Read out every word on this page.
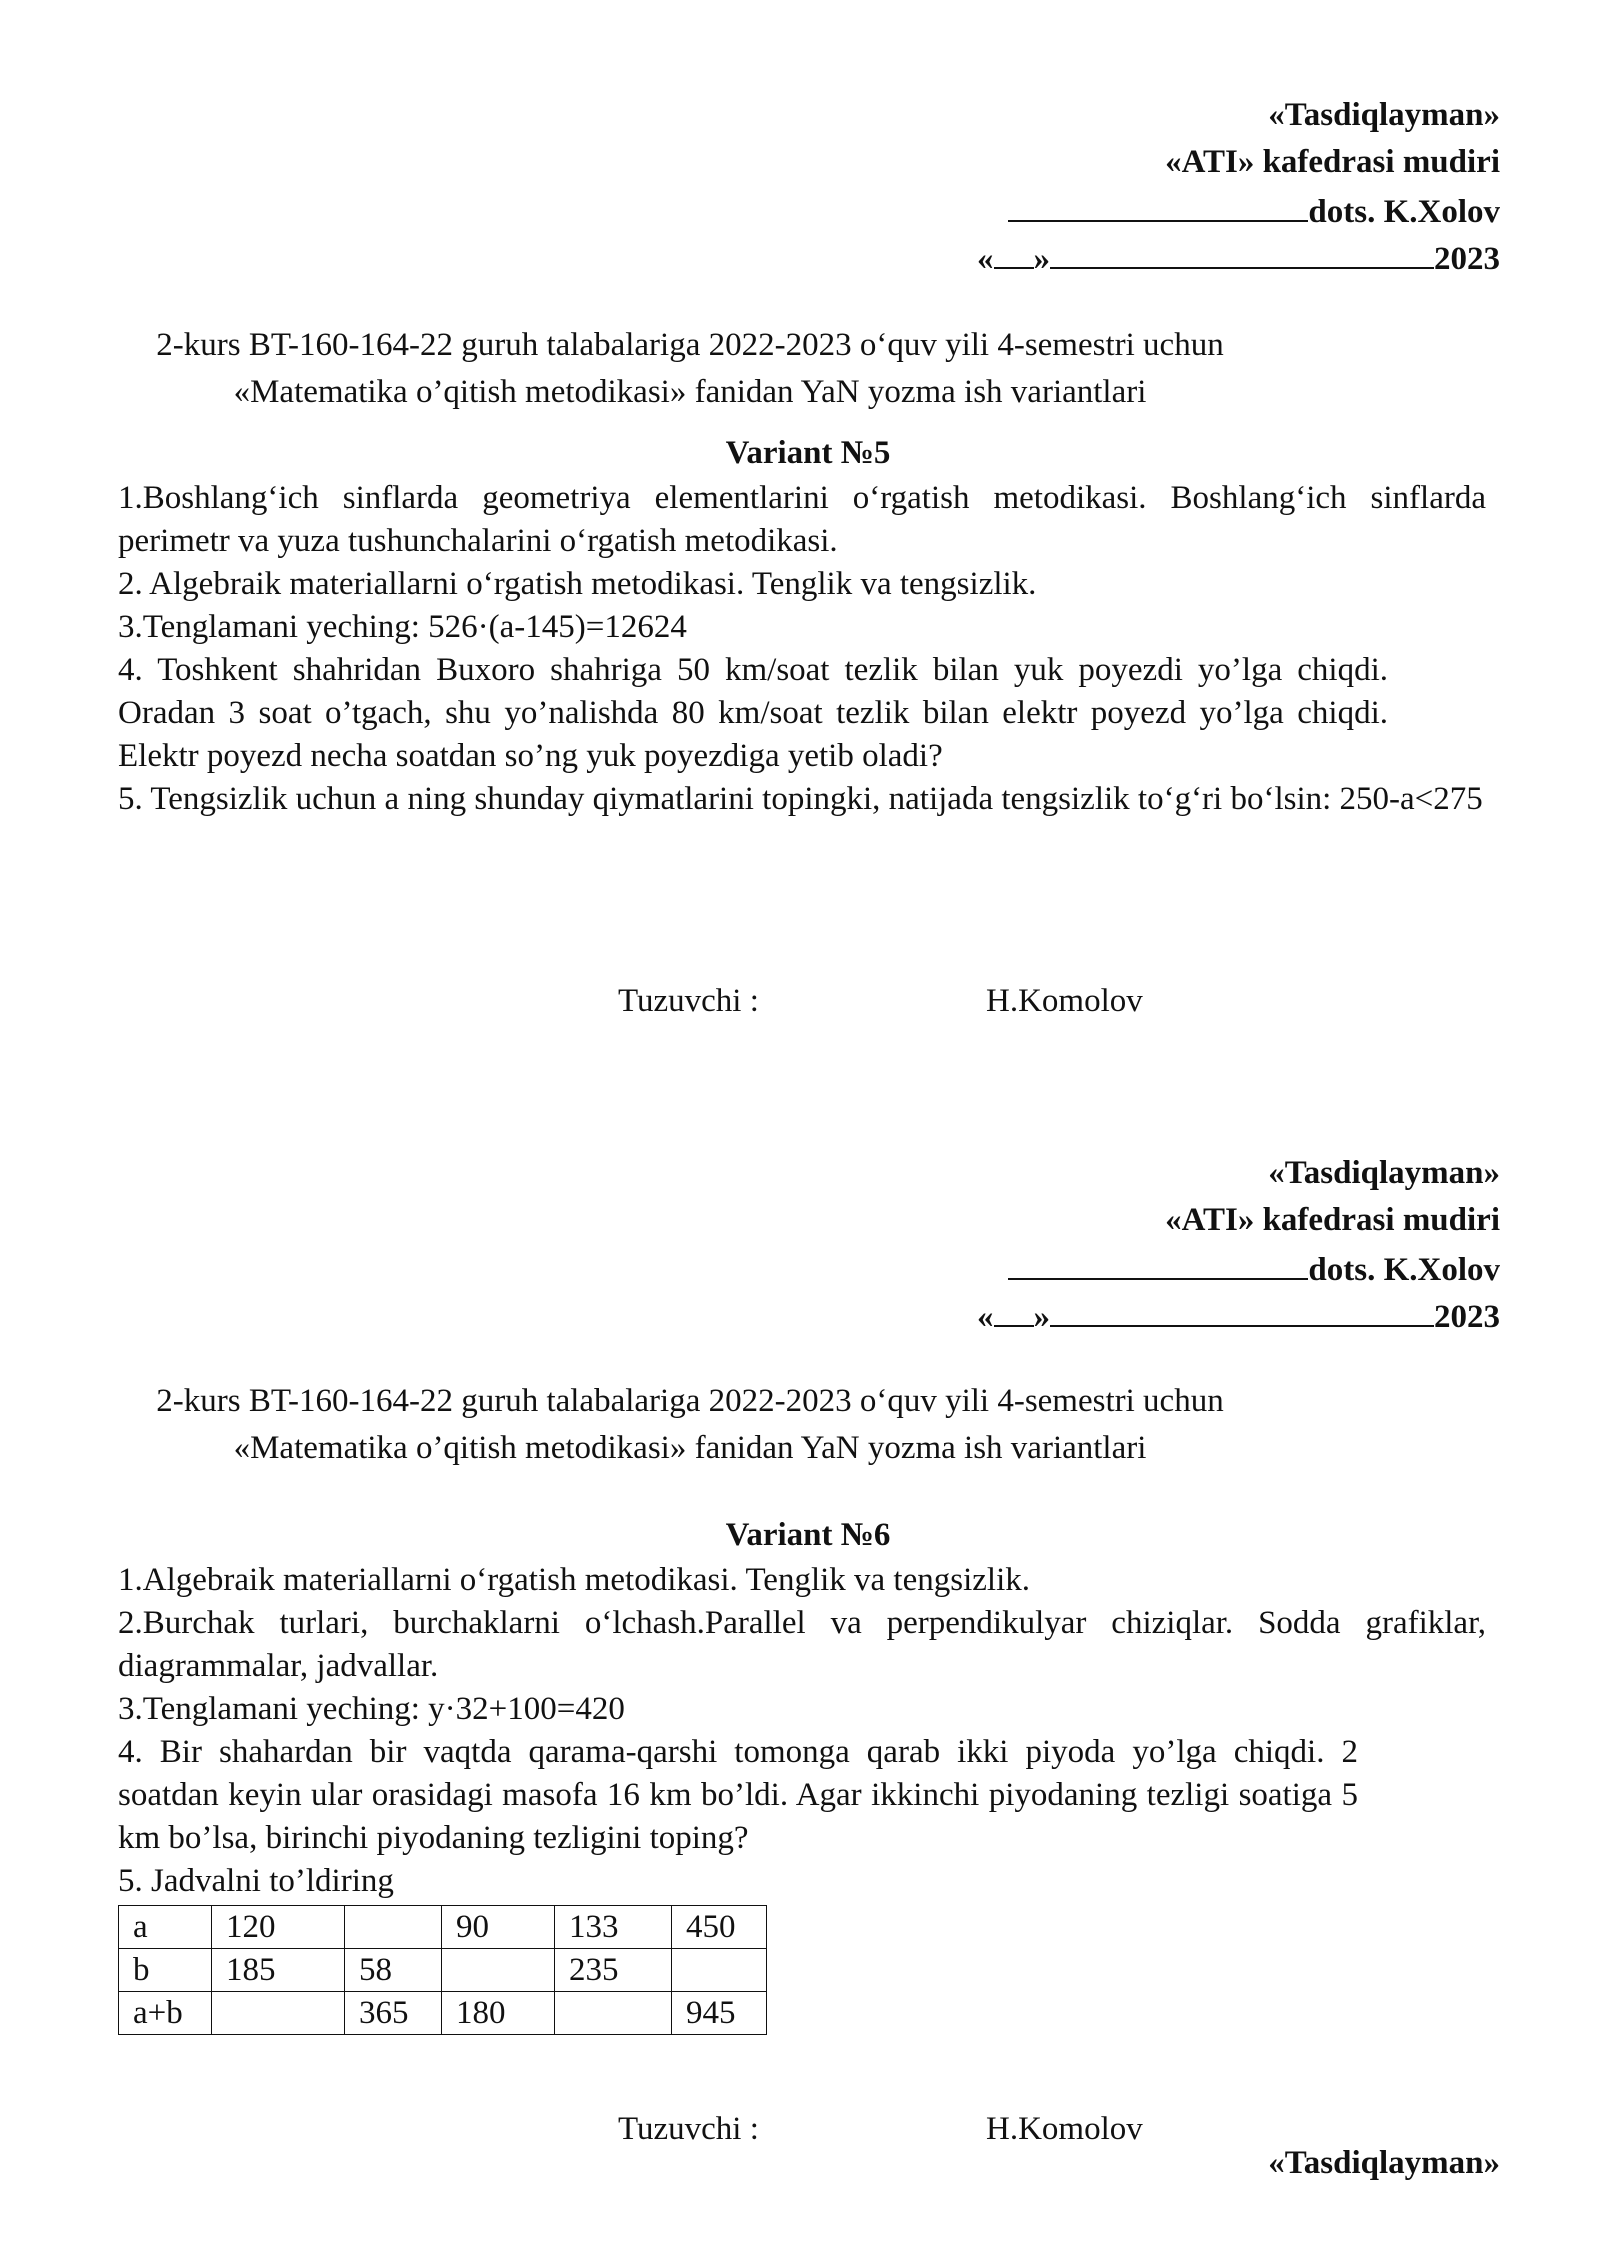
«Tasdiqlayman»
«ATI» kafedrasi mudiri
dots. K.Xolov
« »	2023
2-kurs BT-160-164-22 guruh talabalariga 2022-2023 o‘quv yili 4-semestri uchun
«Matematika o’qitish metodikasi» fanidan YaN yozma ish variantlari
Variant №5
1.Boshlang‘ich sinflarda geometriya elementlarini o‘rgatish metodikasi. Boshlang‘ich sinflarda perimetr va yuza tushunchalarini o‘rgatish metodikasi.
2. Algebraik materiallarni o‘rgatish metodikasi. Tenglik va tengsizlik.
3.Tenglamani yeching: 526·(a-145)=12624
4. Toshkent shahridan Buxoro shahriga 50 km/soat tezlik bilan yuk poyezdi yo’lga chiqdi. Oradan 3 soat o’tgach, shu yo’nalishda 80 km/soat tezlik bilan elektr poyezd yo’lga chiqdi. Elektr poyezd necha soatdan so’ng yuk poyezdiga yetib oladi?
5. Tengsizlik uchun a ning shunday qiymatlarini topingki, natijada tengsizlik to‘g‘ri bo‘lsin: 250-a<275
Tuzuvchi :	H.Komolov
«Tasdiqlayman»
«ATI» kafedrasi mudiri
dots. K.Xolov
« »	2023
2-kurs BT-160-164-22 guruh talabalariga 2022-2023 o‘quv yili 4-semestri uchun
«Matematika o’qitish metodikasi» fanidan YaN yozma ish variantlari
Variant №6
1.Algebraik materiallarni o‘rgatish metodikasi. Tenglik va tengsizlik.
2.Burchak turlari, burchaklarni o‘lchash.Parallel va perpendikulyar chiziqlar. Sodda grafiklar, diagrammalar, jadvallar.
3.Tenglamani yeching: y·32+100=420
4. Bir shahardan bir vaqtda qarama-qarshi tomonga qarab ikki piyoda yo’lga chiqdi. 2 soatdan keyin ular orasidagi masofa 16 km bo’ldi. Agar ikkinchi piyodaning tezligi soatiga 5 km bo’lsa, birinchi piyodaning tezligini toping?
5. Jadvalni to’ldiring
a	120		90	133	450
b	185	58		235	
a+b		365	180		945
Tuzuvchi :	H.Komolov
«Tasdiqlayman»
